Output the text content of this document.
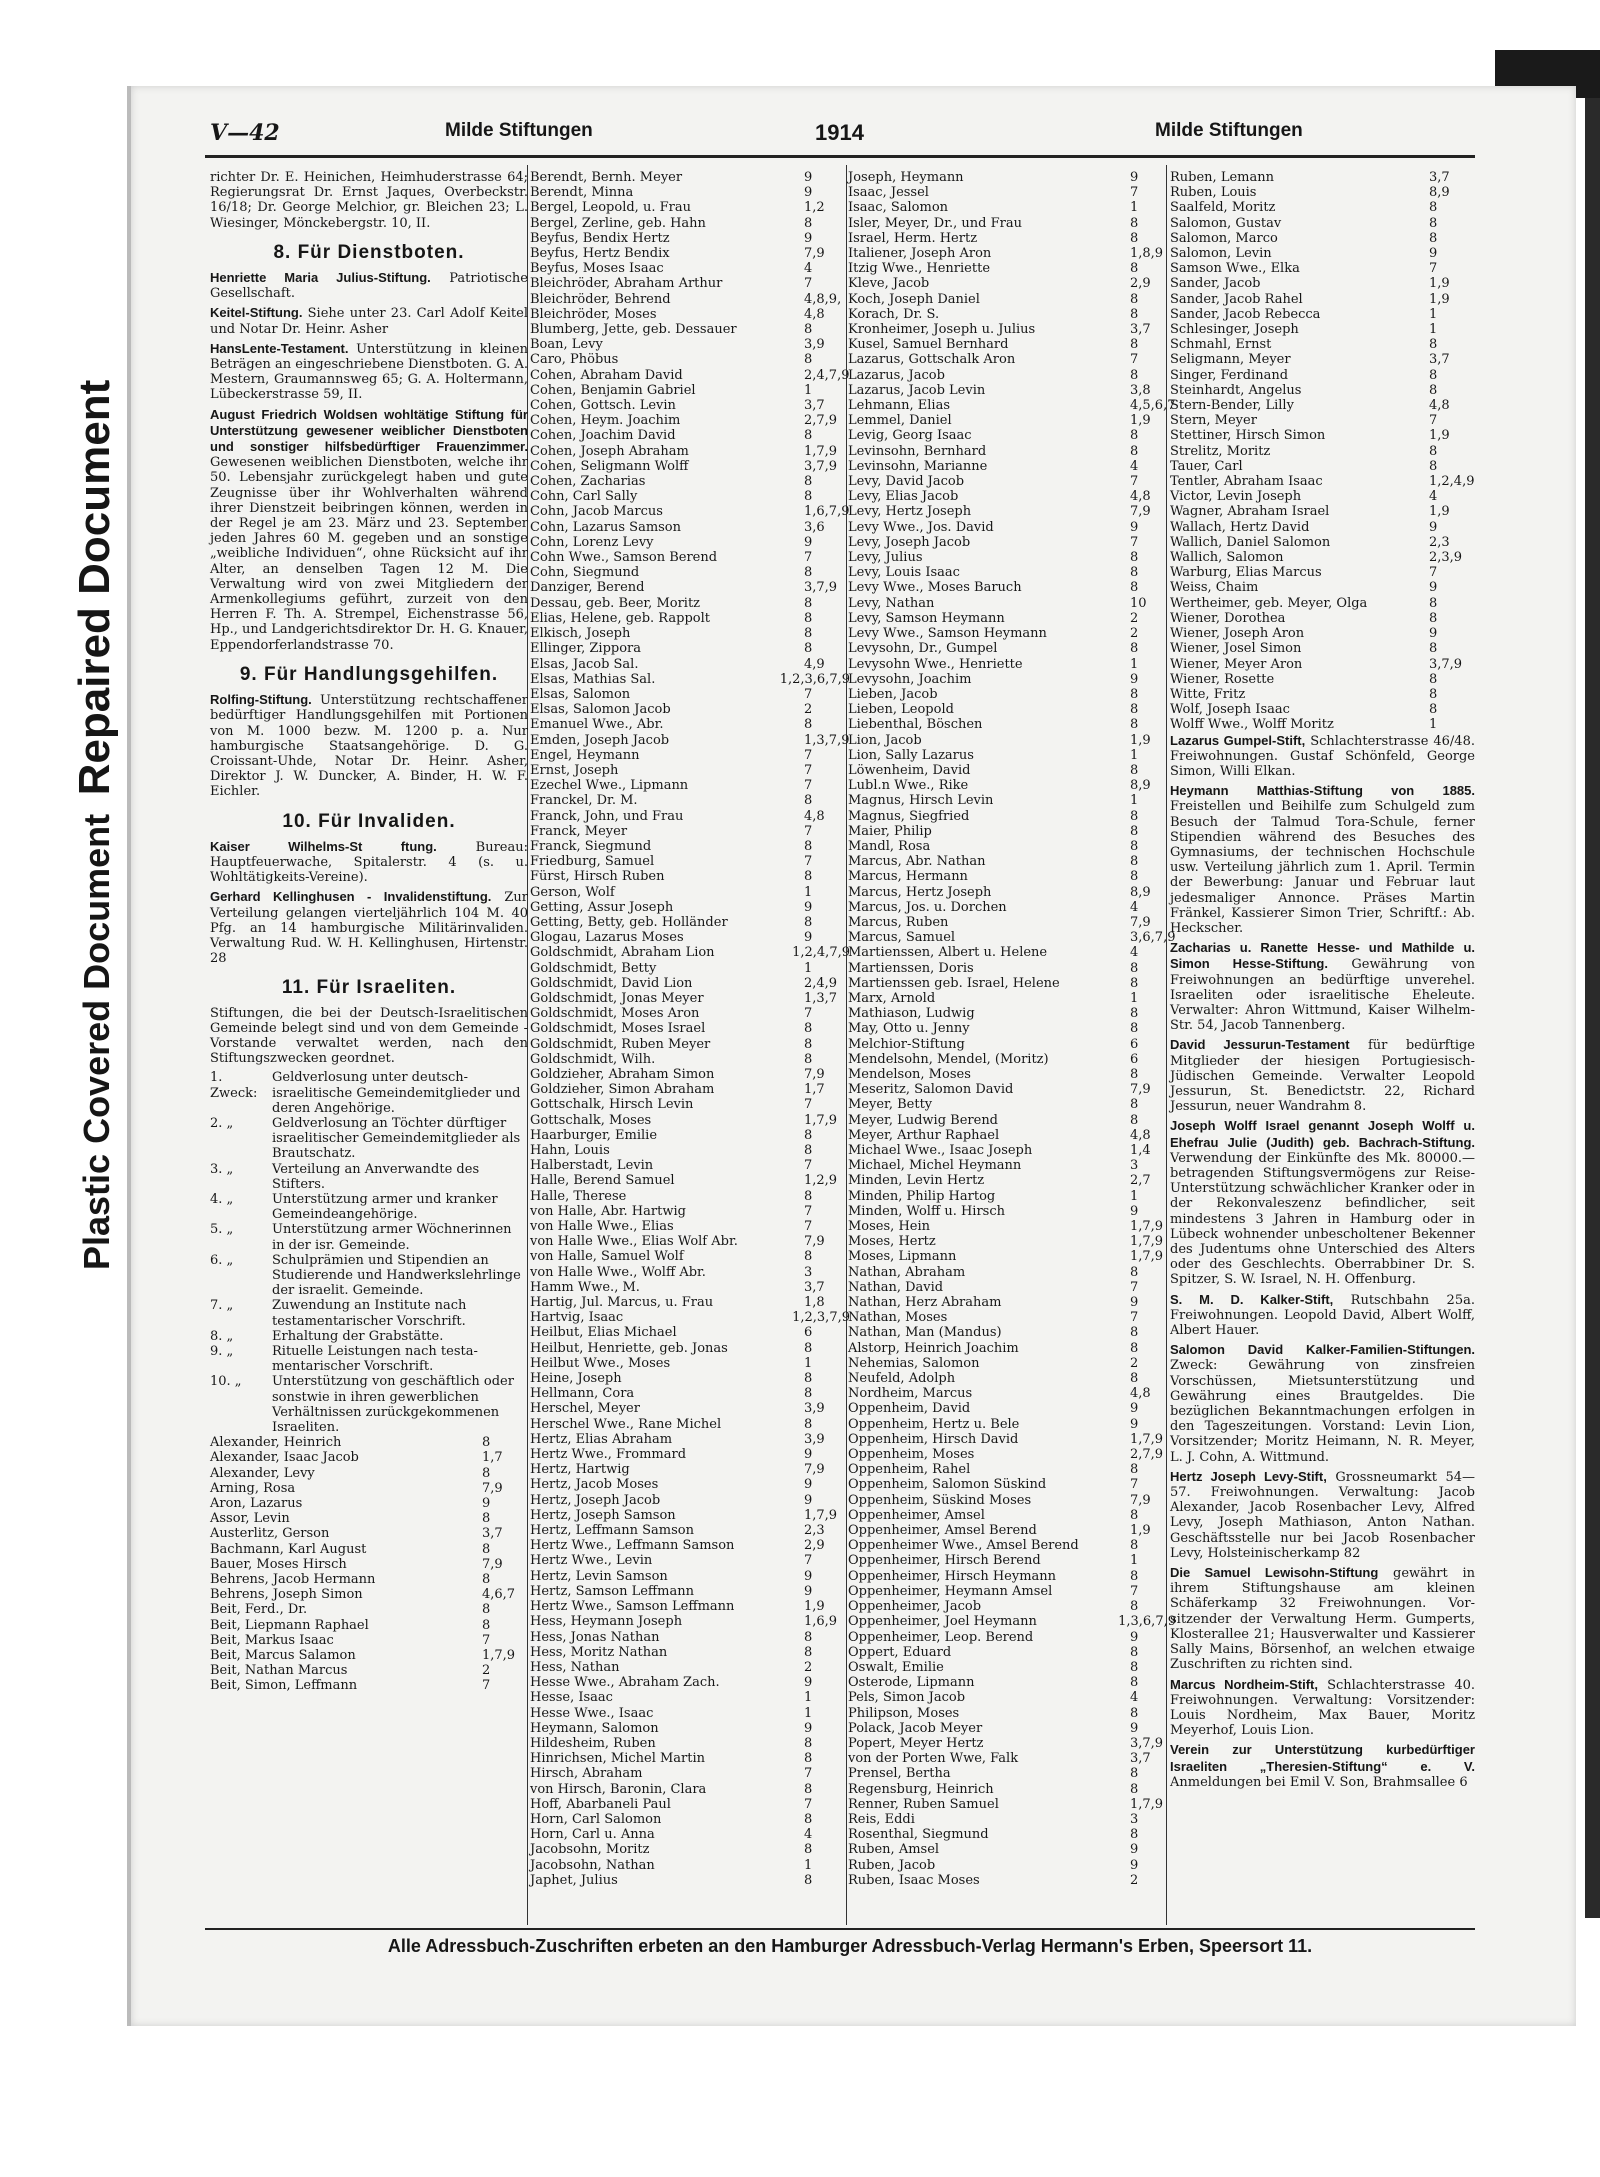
Plastic Covered Document Repaired Document
V—42	Milde Stiftungen	1914	Milde Stiftungen
richter Dr. E. Heinichen, Heimhuderstrasse 64; Regierungsrat Dr. Ernst Jaques, Overbeckstr. 16/18; Dr. George Melchior, gr. Bleichen 23; L. Wiesinger, Mönckebergstr. 10, II.
8. Für Dienstboten.
Henriette Maria Julius-Stiftung. Patriotische Gesellschaft.
Keitel-Stiftung. Siehe unter 23. Carl Adolf Keitel und Notar Dr. Heinr. Asher
HansLente-Testament. Unterstützung in kleinen Beträgen an eingeschriebene Dienstboten. G. A. Mestern, Graumannsweg 65; G. A. Holtermann, Lübeckerstrasse 59, II.
August Friedrich Woldsen wohltätige Stiftung für Unterstützung gewesener weiblicher Dienstboten und sonstiger hilfsbedürftiger Frauenzimmer. Gewesenen weiblichen Dienstboten, welche ihr 50. Lebensjahr zurückgelegt haben und gute Zeugnisse über ihr Wohlverhalten während ihrer Dienstzeit beibringen können, werden in der Regel je am 23. März und 23. September jeden Jahres 60 M. gegeben und an sonstige „weibliche Individuen“, ohne Rücksicht auf ihr Alter, an denselben Tagen 12 M. Die Verwaltung wird von zwei Mitgliedern der Armenkollegiums geführt, zurzeit von den Herren F. Th. A. Strempel, Eichenstrasse 56, Hp., und Landgerichtsdirektor Dr. H. G. Knauer, Eppendorferlandstrasse 70.
9. Für Handlungsgehilfen.
Rolfing-Stiftung. Unterstützung rechtschaffener bedürftiger Handlungsgehilfen mit Portionen von M. 1000 bezw. M. 1200 p. a. Nur hamburgische Staatsangehörige. D. G. Croissant-Uhde, Notar Dr. Heinr. Asher, Direktor J. W. Duncker, A. Binder, H. W. F. Eichler.
10. Für Invaliden.
Kaiser Wilhelms-St ftung.	Bureau: Hauptfeuerwache, Spitalerstr. 4 (s. u. Wohltätigkeits-Vereine).
Gerhard Kellinghusen - Invalidenstiftung. Zur Verteilung gelangen vierteljährlich 104 M. 40 Pfg. an 14 hamburgische Militärinvaliden. Verwaltung Rud. W. H. Kellinghusen, Hirtenstr. 28
11. Für Israeliten.
Stiftungen, die bei der Deutsch-Israelitischen Gemeinde belegt sind und von dem Gemeinde - Vorstande verwaltet werden, nach den Stiftungszwecken geordnet.
1. Zweck:
Geldverlosung unter deutschisraelitische Gemeindemitglieder und deren Angehörige.
2. „	Geldverlosung an Töchter dürftiger israelitischer Gemeindemitglieder als Brautschatz.
3. „	Verteilung an Anverwandte des Stifters.
4. „	Unterstützung armer und kranker Gemeindeangehörige.
5. „	Unterstützung armer Wöchnerinnen in der isr. Gemeinde.
6. „	Schulprämien und Stipendien an Studierende und Handwerkslehrlinge der israelit. Gemeinde.
7. „	Zuwendung an Institute nach testamentarischer Vorschrift.
8. „	Erhaltung der Grabstätte.
9. „	Rituelle Leistungen nach testamentarischer Vorschrift.
10. „	Unterstützung von geschäftlich oder sonstwie in ihren gewerblichen Verhältnissen zurückgekommenen Israeliten.
Alexander, Heinrich	8
Alexander, Isaac Jacob	1,7
Alexander, Levy	8
Arning, Rosa	7,9
Aron, Lazarus	9
Assor, Levin	8
Austerlitz, Gerson	3,7
Bachmann, Karl August	8
Bauer, Moses Hirsch	7,9
Behrens, Jacob Hermann	8
Behrens, Joseph Simon	4,6,7
Beit, Ferd., Dr.	8
Beit, Liepmann Raphael	8
Beit, Markus Isaac	7
Beit, Marcus Salamon	1,7,9
Beit, Nathan Marcus	2
Beit, Simon, Leffmann	7
Berendt, Bernh. Meyer	9
Berendt, Minna	9
Bergel, Leopold, u. Frau	1,2
Bergel, Zerline, geb. Hahn	8
Beyfus, Bendix Hertz	9
Beyfus, Hertz Bendix	7,9
Beyfus, Moses Isaac	4
Bleichröder, Abraham Arthur	7
Bleichröder, Behrend	4,8,9,
Bleichröder, Moses	4,8
Blumberg, Jette, geb. Dessauer	8
Boan, Levy	3,9
Caro, Phöbus	8
Cohen, Abraham David	2,4,7,9
Cohen, Benjamin Gabriel	1
Cohen, Gottsch. Levin	3,7
Cohen, Heym. Joachim	2,7,9
Cohen, Joachim David	8
Cohen, Joseph Abraham	1,7,9
Cohen, Seligmann Wolff	3,7,9
Cohen, Zacharias	8
Cohn, Carl Sally	8
Cohn, Jacob Marcus	1,6,7,9
Cohn, Lazarus Samson	3,6
Cohn, Lorenz Levy	9
Cohn Wwe., Samson Berend	7
Cohn, Siegmund	8
Danziger, Berend	3,7,9
Dessau, geb. Beer, Moritz	8
Elias, Helene, geb. Rappolt	8
Elkisch, Joseph	8
Ellinger, Zippora	8
Elsas, Jacob Sal.	4,9
Elsas, Mathias Sal.	1,2,3,6,7,9
Elsas, Salomon	7
Elsas, Salomon Jacob	2
Emanuel Wwe., Abr.	8
Emden, Joseph Jacob	1,3,7,9
Engel, Heymann	7
Ernst, Joseph	7
Ezechel Wwe., Lipmann	7
Franckel, Dr. M.	8
Franck, John, und Frau	4,8
Franck, Meyer	7
Franck, Siegmund	8
Friedburg, Samuel	7
Fürst, Hirsch Ruben	8
Gerson, Wolf	1
Getting, Assur Joseph	9
Getting, Betty, geb. Holländer	8
Glogau, Lazarus Moses	9
Goldschmidt, Abraham Lion	1,2,4,7,9
Goldschmidt, Betty	1
Goldschmidt, David Lion	2,4,9
Goldschmidt, Jonas Meyer	1,3,7
Goldschmidt, Moses Aron	7
Goldschmidt, Moses Israel	8
Goldschmidt, Ruben Meyer	8
Goldschmidt, Wilh.	8
Goldzieher, Abraham Simon	7,9
Goldzieher, Simon Abraham	1,7
Gottschalk, Hirsch Levin	7
Gottschalk, Moses	1,7,9
Haarburger, Emilie	8
Hahn, Louis	8
Halberstadt, Levin	7
Halle, Berend Samuel	1,2,9
Halle, Therese	8
von Halle, Abr. Hartwig	7
von Halle Wwe., Elias	7
von Halle Wwe., Elias Wolf Abr.	7,9
von Halle, Samuel Wolf	8
von Halle Wwe., Wolff Abr.	3
Hamm Wwe., M.	3,7
Hartig, Jul. Marcus, u. Frau	1,8
Hartvig, Isaac	1,2,3,7,9
Heilbut, Elias Michael	6
Heilbut, Henriette, geb. Jonas	8
Heilbut Wwe., Moses	1
Heine, Joseph	8
Hellmann, Cora	8
Herschel, Meyer	3,9
Herschel Wwe., Rane Michel	8
Hertz, Elias Abraham	3,9
Hertz Wwe., Frommard	9
Hertz, Hartwig	7,9
Hertz, Jacob Moses	9
Hertz, Joseph Jacob	9
Hertz, Joseph Samson	1,7,9
Hertz, Leffmann Samson	2,3
Hertz Wwe., Leffmann Samson	2,9
Hertz Wwe., Levin	7
Hertz, Levin Samson	9
Hertz, Samson Leffmann	9
Hertz Wwe., Samson Leffmann	1,9
Hess, Heymann Joseph	1,6,9
Hess, Jonas Nathan	8
Hess, Moritz Nathan	8
Hess, Nathan	2
Hesse Wwe., Abraham Zach.	9
Hesse, Isaac	1
Hesse Wwe., Isaac	1
Heymann, Salomon	9
Hildesheim, Ruben	8
Hinrichsen, Michel Martin	8
Hirsch, Abraham	7
von Hirsch, Baronin, Clara	8
Hoff, Abarbaneli Paul	7
Horn, Carl Salomon	8
Horn, Carl u. Anna	4
Jacobsohn, Moritz	8
Jacobsohn, Nathan	1
Japhet, Julius	8
Joseph, Heymann	9
Isaac, Jessel	7
Isaac, Salomon	1
Isler, Meyer, Dr., und Frau	8
Israel, Herm. Hertz	8
Italiener, Joseph Aron	1,8,9
Itzig Wwe., Henriette	8
Kleve, Jacob	2,9
Koch, Joseph Daniel	8
Korach, Dr. S.	8
Kronheimer, Joseph u. Julius	3,7
Kusel, Samuel Bernhard	8
Lazarus, Gottschalk Aron	7
Lazarus, Jacob	8
Lazarus, Jacob Levin	3,8
Lehmann, Elias	4,5,6,7
Lemmel, Daniel	1,9
Levig, Georg Isaac	8
Levinsohn, Bernhard	8
Levinsohn, Marianne	4
Levy, David Jacob	7
Levy, Elias Jacob	4,8
Levy, Hertz Joseph	7,9
Levy Wwe., Jos. David	9
Levy, Joseph Jacob	7
Levy, Julius	8
Levy, Louis Isaac	8
Levy Wwe., Moses Baruch	8
Levy, Nathan	10
Levy, Samson Heymann	2
Levy Wwe., Samson Heymann	2
Levysohn, Dr., Gumpel	8
Levysohn Wwe., Henriette	1
Levysohn, Joachim	9
Lieben, Jacob	8
Lieben, Leopold	8
Liebenthal, Böschen	8
Lion, Jacob	1,9
Lion, Sally Lazarus	1
Löwenheim, David	8
Lubl.n Wwe., Rike	8,9
Magnus, Hirsch Levin	1
Magnus, Siegfried	8
Maier, Philip	8
Mandl, Rosa	8
Marcus, Abr. Nathan	8
Marcus, Hermann	8
Marcus, Hertz Joseph	8,9
Marcus, Jos. u. Dorchen	4
Marcus, Ruben	7,9
Marcus, Samuel	3,6,7,9
Martienssen, Albert u. Helene	4
Martienssen, Doris	8
Martienssen geb. Israel, Helene	8
Marx, Arnold	1
Mathiason, Ludwig	8
May, Otto u. Jenny	8
Melchior-Stiftung	6
Mendelsohn, Mendel, (Moritz)	6
Mendelson, Moses	8
Meseritz, Salomon David	7,9
Meyer, Betty	8
Meyer, Ludwig Berend	8
Meyer, Arthur Raphael	4,8
Michael Wwe., Isaac Joseph	1,4
Michael, Michel Heymann	3
Minden, Levin Hertz	2,7
Minden, Philip Hartog	1
Minden, Wolff u. Hirsch	9
Moses, Hein	1,7,9
Moses, Hertz	1,7,9
Moses, Lipmann	1,7,9
Nathan, Abraham	8
Nathan, David	7
Nathan, Herz Abraham	9
Nathan, Moses	7
Nathan, Man (Mandus)	8
Alstorp, Heinrich Joachim	8
Nehemias, Salomon	2
Neufeld, Adolph	8
Nordheim, Marcus	4,8
Oppenheim, David	9
Oppenheim, Hertz u. Bele	9
Oppenheim, Hirsch David	1,7,9
Oppenheim, Moses	2,7,9
Oppenheim, Rahel	8
Oppenheim, Salomon Süskind	7
Oppenheim, Süskind Moses	7,9
Oppenheimer, Amsel	8
Oppenheimer, Amsel Berend	1,9
Oppenheimer Wwe., Amsel Berend	8
Oppenheimer, Hirsch Berend	1
Oppenheimer, Hirsch Heymann	8
Oppenheimer, Heymann Amsel	7
Oppenheimer, Jacob	8
Oppenheimer, Joel Heymann	1,3,6,7,9
Oppenheimer, Leop. Berend	9
Oppert, Eduard	8
Oswalt, Emilie	8
Osterode, Lipmann	8
Pels, Simon Jacob	4
Philipson, Moses	8
Polack, Jacob Meyer	9
Popert, Meyer Hertz	3,7,9
von der Porten Wwe, Falk	3,7
Prensel, Bertha	8
Regensburg, Heinrich	8
Renner, Ruben Samuel	1,7,9
Reis, Eddi	3
Rosenthal, Siegmund	8
Ruben, Amsel	9
Ruben, Jacob	9
Ruben, Isaac Moses	2
Ruben, Lemann	3,7
Ruben, Louis	8,9
Saalfeld, Moritz	8
Salomon, Gustav	8
Salomon, Marco	8
Salomon, Levin	9
Samson Wwe., Elka	7
Sander, Jacob	1,9
Sander, Jacob Rahel	1,9
Sander, Jacob Rebecca	1
Schlesinger, Joseph	1
Schmahl, Ernst	8
Seligmann, Meyer	3,7
Singer, Ferdinand	8
Steinhardt, Angelus	8
Stern-Bender, Lilly	4,8
Stern, Meyer	7
Stettiner, Hirsch Simon	1,9
Strelitz, Moritz	8
Tauer, Carl	8
Tentler, Abraham Isaac	1,2,4,9
Victor, Levin Joseph	4
Wagner, Abraham Israel	1,9
Wallach, Hertz David	9
Wallich, Daniel Salomon	2,3
Wallich, Salomon	2,3,9
Warburg, Elias Marcus	7
Weiss, Chaim	9
Wertheimer, geb. Meyer, Olga	8
Wiener, Dorothea	8
Wiener, Joseph Aron	9
Wiener, Josel Simon	8
Wiener, Meyer Aron	3,7,9
Wiener, Rosette	8
Witte, Fritz	8
Wolf, Joseph Isaac	8
Wolff Wwe., Wolff Moritz	1
Lazarus Gumpel-Stift, Schlachterstrasse 46/48. Freiwohnungen. Gustaf Schönfeld, George Simon, Willi Elkan.
Heymann Matthias-Stiftung von 1885. Freistellen und Beihilfe zum Schulgeld zum Besuch der Talmud Tora-Schule, ferner Stipendien während des Besuches des Gymnasiums, der technischen Hochschule usw. Verteilung jährlich zum 1. April. Termin der Bewerbung: Januar und Februar laut jedesmaliger Annonce. Präses Martin Fränkel, Kassierer Simon Trier, Schriftf.: Ab. Heckscher.
Zacharias u. Ranette Hesse- und Mathilde u. Simon Hesse-Stiftung. Gewährung von Freiwohnungen an bedürftige unverehel. Israeliten oder israelitische Eheleute. Verwalter: Ahron Wittmund, Kaiser Wilhelm-Str. 54, Jacob Tannenberg.
David Jessurun-Testament für bedürftige Mitglieder der hiesigen Portugiesisch-Jüdischen Gemeinde. Verwalter Leopold Jessurun, St. Benedictstr. 22, Richard Jessurun, neuer Wandrahm 8.
Joseph Wolff Israel genannt Joseph Wolff u. Ehefrau Julie (Judith) geb. Bachrach-Stiftung. Verwendung der Einkünfte des Mk. 80000.— betragenden Stiftungsvermögens zur Reise-Unterstützung schwächlicher Kranker oder in der Rekonvaleszenz befindlicher, seit mindestens 3 Jahren in Hamburg oder in Lübeck wohnender unbescholtener Bekenner des Judentums ohne Unterschied des Alters oder des Geschlechts. Oberrabbiner Dr. S. Spitzer, S. W. Israel, N. H. Offenburg.
S. M. D. Kalker-Stift, Rutschbahn 25a. Freiwohnungen. Leopold David, Albert Wolff, Albert Hauer.
Salomon David Kalker-Familien-Stiftungen. Zweck: Gewährung von zinsfreien Vorschüssen, Mietsunterstützung und Gewährung eines Brautgeldes. Die bezüglichen Bekanntmachungen erfolgen in den Tageszeitungen. Vorstand: Levin Lion, Vorsitzender; Moritz Heimann, N. R. Meyer, L. J. Cohn, A. Wittmund.
Hertz Joseph Levy-Stift, Grossneumarkt 54—57. Freiwohnungen. Verwaltung: Jacob Alexander, Jacob Rosenbacher Levy, Alfred Levy, Joseph Mathiason, Anton Nathan. Geschäftsstelle nur bei Jacob Rosenbacher Levy, Holsteinischerkamp 82
Die Samuel Lewisohn-Stiftung gewährt in ihrem Stiftungshause am kleinen Schäferkamp 32 Freiwohnungen. Vorsitzender der Verwaltung Herm. Gumperts, Klosterallee 21; Hausverwalter und Kassierer Sally Mains, Börsenhof, an welchen etwaige Zuschriften zu richten sind.
Marcus Nordheim-Stift, Schlachterstrasse 40. Freiwohnungen. Verwaltung: Vorsitzender: Louis Nordheim, Max Bauer, Moritz Meyerhof, Louis Lion.
Verein zur Unterstützung kurbedürftiger Israeliten „Theresien-Stiftung“ e. V. Anmeldungen bei Emil V. Son, Brahmsallee 6
Alle Adressbuch-Zuschriften erbeten an den Hamburger Adressbuch-Verlag Hermann's Erben, Speersort 11.
